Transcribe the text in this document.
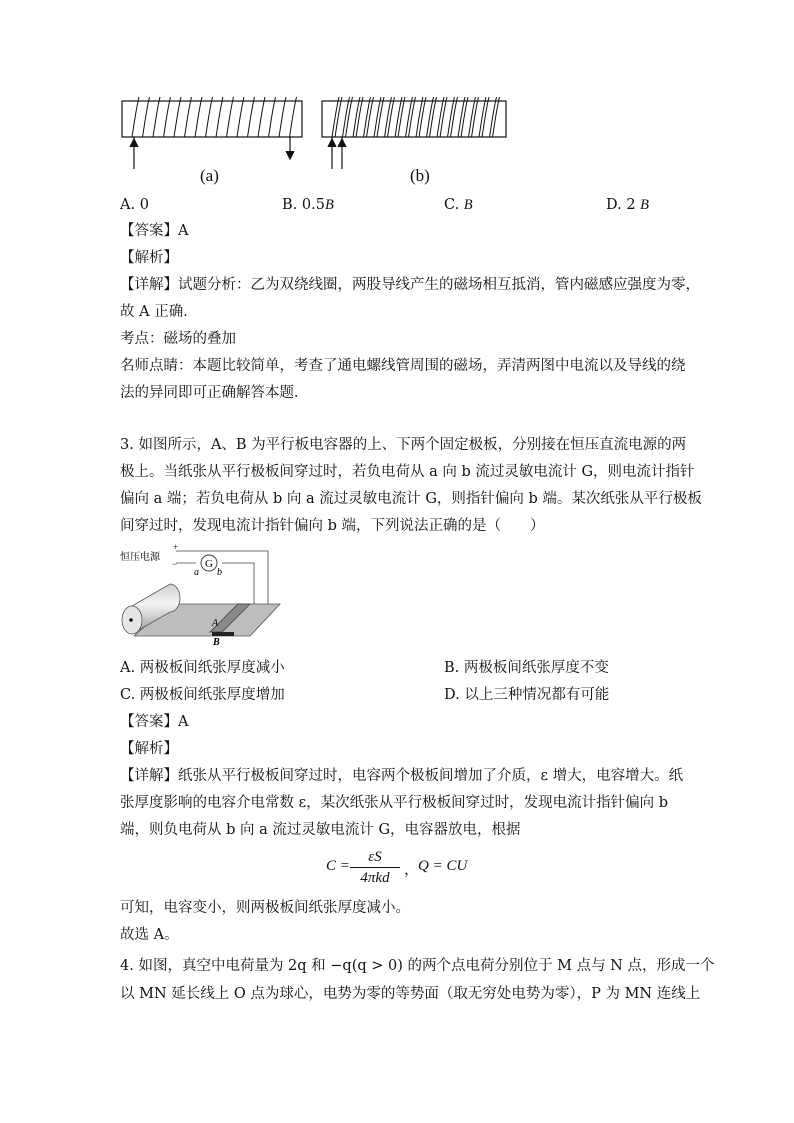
(a)	(b)
A. 0	B. 0.5B	C. B	D. 2 B
【答案】A
【解析】
【详解】试题分析：乙为双绕线圈，两股导线产生的磁场相互抵消，管内磁感应强度为零，
故 A 正确．
考点：磁场的叠加
名师点睛：本题比较简单，考查了通电螺线管周围的磁场，弄清两图中电流以及导线的绕
法的异同即可正确解答本题．
3. 如图所示，A、B 为平行板电容器的上、下两个固定极板，分别接在恒压直流电源的两
极上。当纸张从平行极板间穿过时，若负电荷从 a 向 b 流过灵敏电流计 G，则电流计指针
偏向 a 端；若负电荷从 b 向 a 流过灵敏电流计 G，则指针偏向 b 端。某次纸张从平行极板
间穿过时，发现电流计指针偏向 b 端，下列说法正确的是（　　）
G
恒压电源
+
−
a b
A
B
A. 两极板间纸张厚度减小	B. 两极板间纸张厚度不变
C. 两极板间纸张厚度增加	D. 以上三种情况都有可能
【答案】A
【解析】
【详解】纸张从平行极板间穿过时，电容两个极板间增加了介质，ε 增大，电容增大。纸
张厚度影响的电容介电常数 ε，某次纸张从平行极板间穿过时，发现电流计指针偏向 b
端，则负电荷从 b 向 a 流过灵敏电流计 G，电容器放电，根据
C =
εS
4πkd ，
Q = CU
可知，电容变小，则两极板间纸张厚度减小。
故选 A。
4. 如图，真空中电荷量为 2q 和 −q(q > 0) 的两个点电荷分别位于 M 点与 N 点，形成一个
以 MN 延长线上 O 点为球心，电势为零的等势面（取无穷处电势为零），P 为 MN 连线上
